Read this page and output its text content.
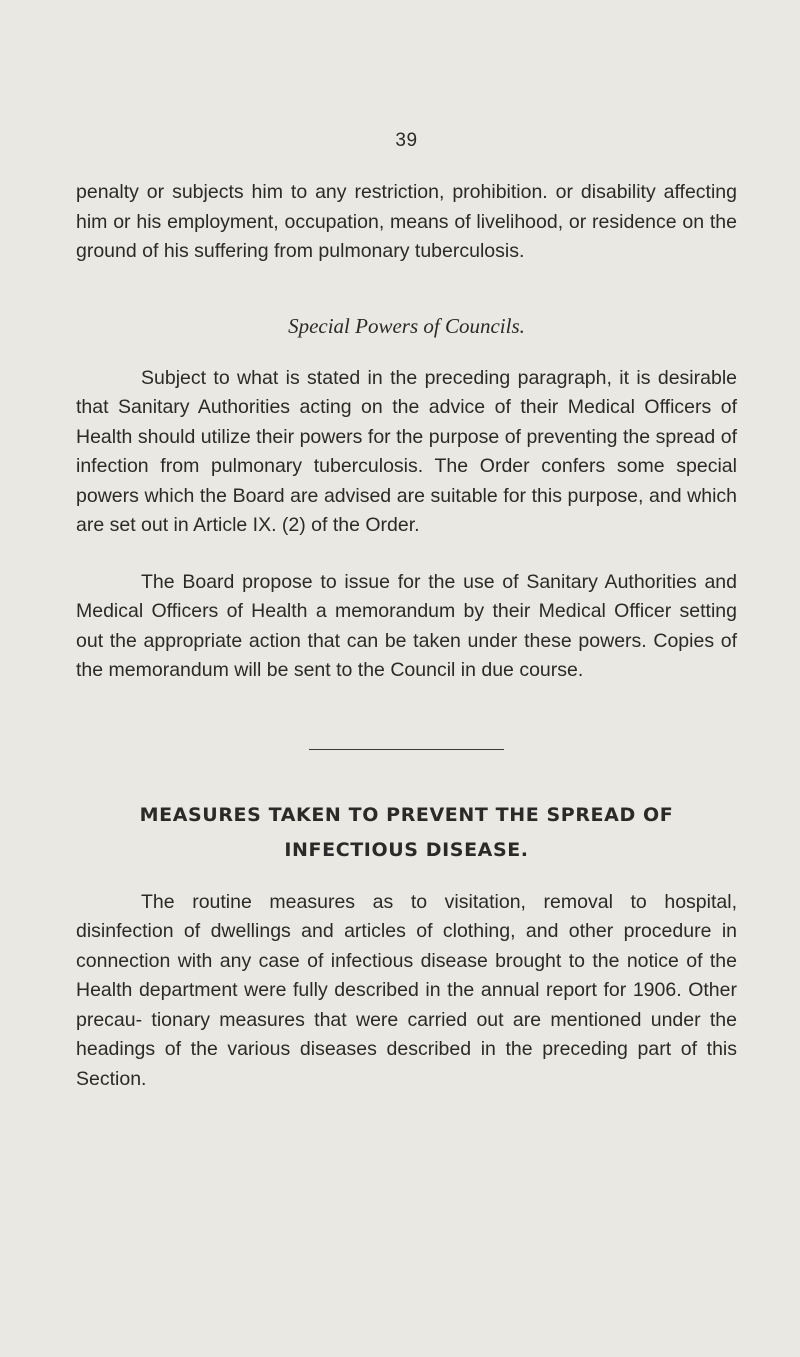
39

penalty or subjects him to any restriction, prohibition. or disability affecting him or his employment, occupation, means of livelihood, or residence on the ground of his suffering from pulmonary tuberculosis.

Special Powers of Councils.

Subject to what is stated in the preceding paragraph, it is desirable that Sanitary Authorities acting on the advice of their Medical Officers of Health should utilize their powers for the purpose of preventing the spread of infection from pulmonary tuberculosis. The Order confers some special powers which the Board are advised are suitable for this purpose, and which are set out in Article IX. (2) of the Order.

The Board propose to issue for the use of Sanitary Authorities and Medical Officers of Health a memorandum by their Medical Officer setting out the appropriate action that can be taken under these powers. Copies of the memorandum will be sent to the Council in due course.

MEASURES TAKEN TO PREVENT THE SPREAD OF INFECTIOUS DISEASE.

The routine measures as to visitation, removal to hospital, disinfection of dwellings and articles of clothing, and other procedure in connection with any case of infectious disease brought to the notice of the Health department were fully described in the annual report for 1906. Other precau- tionary measures that were carried out are mentioned under the headings of the various diseases described in the preceding part of this Section.
